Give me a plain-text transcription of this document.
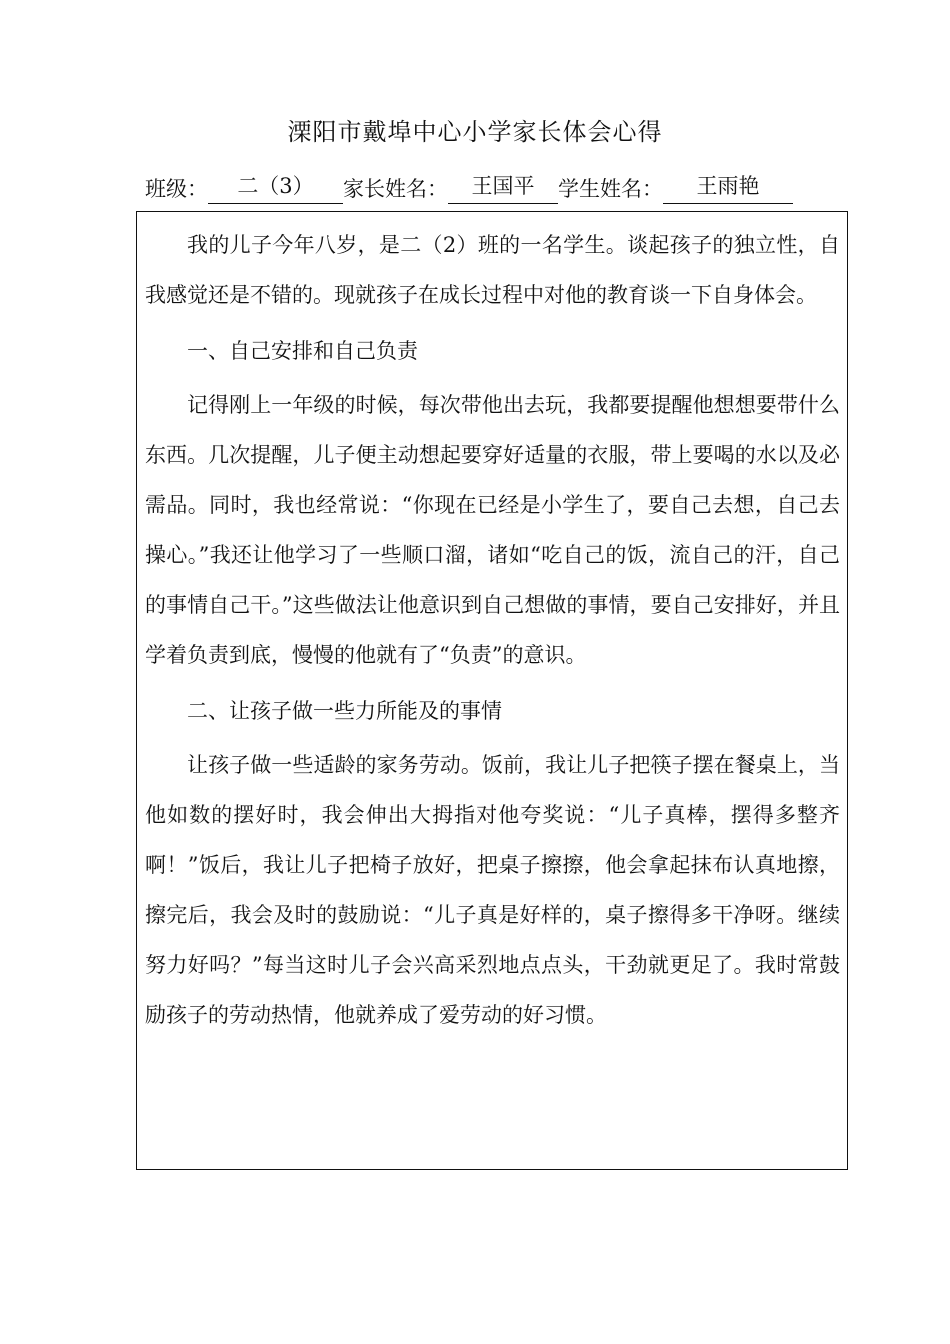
溧阳市戴埠中心小学家长体会心得
班级：	二（3）	家长姓名：	王国平	学生姓名：	王雨艳

我的儿子今年八岁，是二（2）班的一名学生。谈起孩子的独立性，自我感觉还是不错的。现就孩子在成长过程中对他的教育谈一下自身体会。

一、自己安排和自己负责

记得刚上一年级的时候，每次带他出去玩，我都要提醒他想想要带什么东西。几次提醒，儿子便主动想起要穿好适量的衣服，带上要喝的水以及必需品。同时，我也经常说：“你现在已经是小学生了，要自己去想，自己去操心。”我还让他学习了一些顺口溜，诸如“吃自己的饭，流自己的汗，自己的事情自己干。”这些做法让他意识到自己想做的事情，要自己安排好，并且学着负责到底，慢慢的他就有了“负责”的意识。

二、让孩子做一些力所能及的事情

让孩子做一些适龄的家务劳动。饭前，我让儿子把筷子摆在餐桌上，当他如数的摆好时，我会伸出大拇指对他夸奖说：“儿子真棒，摆得多整齐啊！”饭后，我让儿子把椅子放好，把桌子擦擦，他会拿起抹布认真地擦，擦完后，我会及时的鼓励说：“儿子真是好样的，桌子擦得多干净呀。继续努力好吗？”每当这时儿子会兴高采烈地点点头，干劲就更足了。我时常鼓励孩子的劳动热情，他就养成了爱劳动的好习惯。
